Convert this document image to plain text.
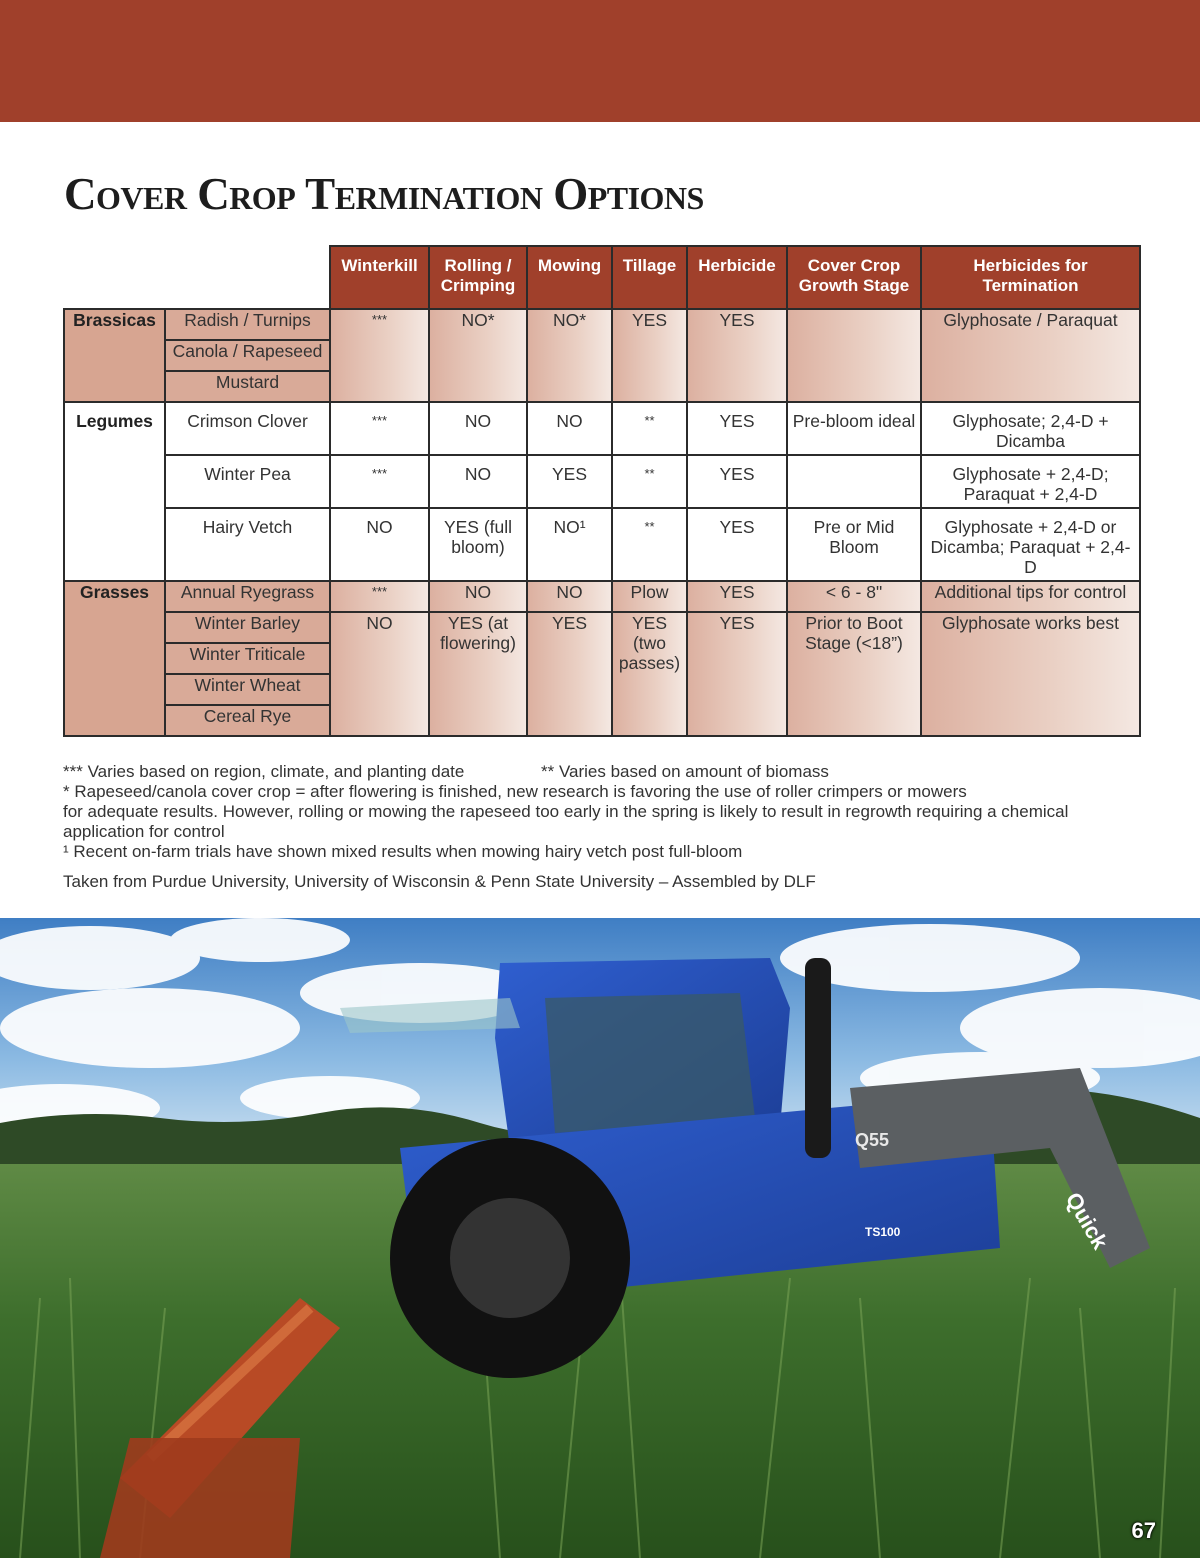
Cover Crop Termination Options
		Winterkill	Rolling / Crimping	Mowing	Tillage	Herbicide	Cover Crop Growth Stage	Herbicides for Termination
Brassicas	Radish / Turnips	***	NO*	NO*	YES	YES		Glyphosate / Paraquat
	Canola / Rapeseed							
	Mustard							
Legumes	Crimson Clover	***	NO	NO	**	YES	Pre-bloom ideal	Glyphosate; 2,4-D + Dicamba
	Winter Pea	***	NO	YES	**	YES		Glyphosate + 2,4-D; Paraquat + 2,4-D
	Hairy Vetch	NO	YES (full bloom)	NO¹	**	YES	Pre or Mid Bloom	Glyphosate + 2,4-D or Dicamba; Paraquat + 2,4-D
Grasses	Annual Ryegrass	***	NO	NO	Plow	YES	< 6 - 8"	Additional tips for control
	Winter Barley	NO	YES (at flowering)	YES	YES (two passes)	YES	Prior to Boot Stage (<18”)	Glyphosate works best
	Winter Triticale							
	Winter Wheat							
	Cereal Rye							
*** Varies based on region, climate, and planting date	** Varies based on amount of biomass

* Rapeseed/canola cover crop = after flowering is finished, new research is favoring the use of roller crimpers or mowers

for adequate results. However, rolling or mowing the rapeseed too early in the spring is likely to result in regrowth requiring a chemical

application for control

¹ Recent on-farm trials have shown mixed results when mowing hairy vetch post full-bloom

Taken from Purdue University, University of Wisconsin & Penn State University – Assembled by DLF

Q55
TS100	Quick
67
